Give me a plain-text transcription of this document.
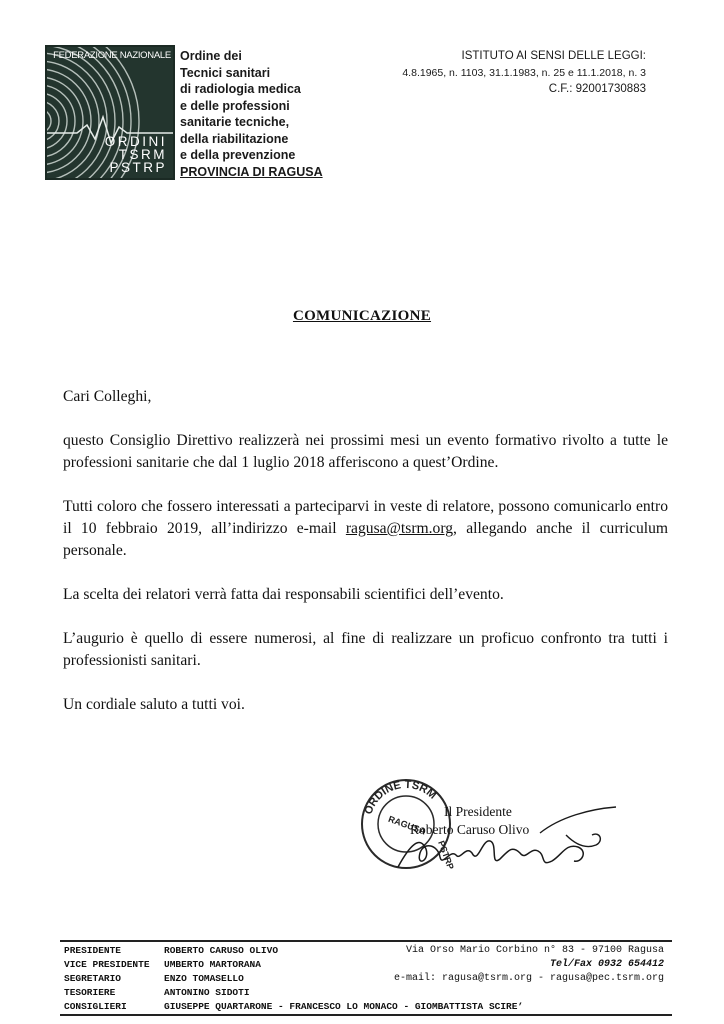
FEDERAZIONE NAZIONALE
ORDINI
TSRM
PSTRP
Ordine dei
Tecnici sanitari
di radiologia medica
e delle professioni
sanitarie tecniche,
della riabilitazione
e della prevenzione
PROVINCIA DI RAGUSA
ISTITUTO AI SENSI DELLE LEGGI:
4.8.1965, n. 1103, 31.1.1983, n. 25 e 11.1.2018, n. 3
C.F.: 92001730883
COMUNICAZIONE
Cari Colleghi,

questo Consiglio Direttivo realizzerà nei prossimi mesi un evento formativo rivolto a tutte le professioni sanitarie che dal 1 luglio 2018 afferiscono a quest’Ordine.

Tutti coloro che fossero interessati a parteciparvi in veste di relatore, possono comunicarlo entro il 10 febbraio 2019, all’indirizzo e-mail ragusa@tsrm.org, allegando anche il curriculum personale.

La scelta dei relatori verrà fatta dai responsabili scientifici dell’evento.

L’augurio è quello di essere numerosi, al fine di realizzare un proficuo confronto tra tutti i professionisti sanitari.

Un cordiale saluto a tutti voi.

ORDINE TSRM
PSTRP
RAGUSA
Il Presidente
Roberto Caruso Olivo
PRESIDENTE	ROBERTO CARUSO OLIVO
VICE PRESIDENTE	UMBERTO MARTORANA
SEGRETARIO	ENZO TOMASELLO
TESORIERE	ANTONINO SIDOTI
CONSIGLIERI	GIUSEPPE QUARTARONE - FRANCESCO LO MONACO - GIOMBATTISTA SCIRE’
Via Orso Mario Corbino n° 83 - 97100 Ragusa
Tel/Fax 0932 654412
e-mail: ragusa@tsrm.org - ragusa@pec.tsrm.org
